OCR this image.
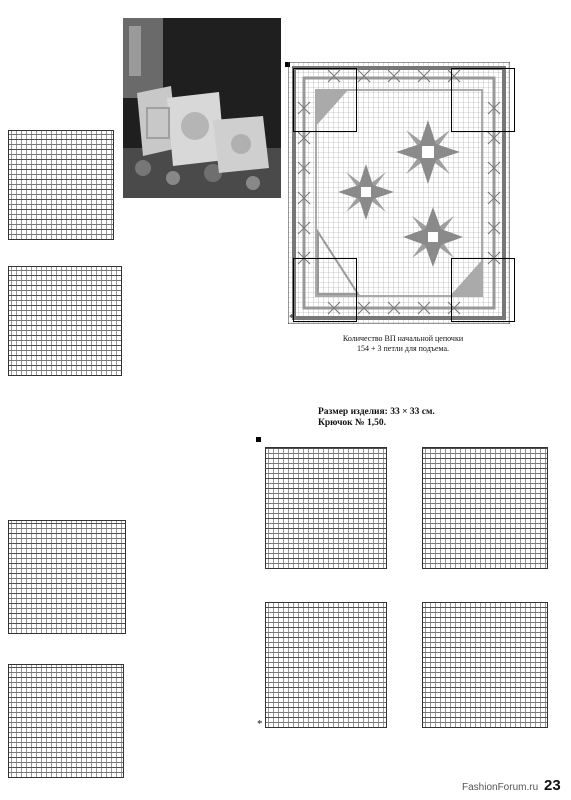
*
Количество ВП начальной цепочки
154 + 3 петли для подъема.
Размер изделия: 33 × 33 см.
Крючок № 1,50.
*
FashionForum.ru 23
